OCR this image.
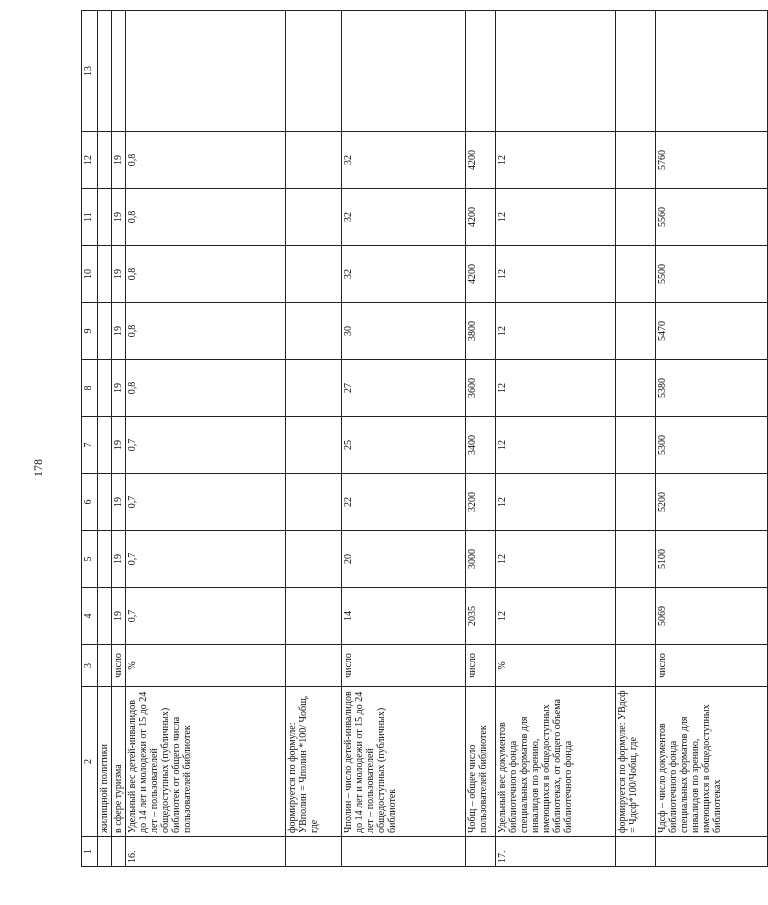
178
1	2	3	4	5	6	7	8	9	10	11	12	13
	жилищной политики											
	в сфере туризма	число	19	19	19	19	19	19	19	19	19	
16.	Удельный вес детей-инвалидов до 14 лет и молодежи от 15 до 24 лет – пользователей общедоступных (публичных) библиотек от общего числа пользователей библиотек	%	0,7	0,7	0,7	0,7	0,8	0,8	0,8	0,8	0,8	
	формируется по формуле: УВполин = Чполин *100/ Чобщ, где											
	Чполин – число детей-инвалидов до 14 лет и молодежи от 15 до 24 лет – пользователей общедоступных (публичных) библиотек	число	14	20	22	25	27	30	32	32	32	
	Чобщ – общее число пользователей библиотек	число	2035	3000	3200	3400	3600	3800	4200	4200	4200	
17.	Удельный вес документов библиотечного фонда специальных форматов для инвалидов по зрению, имеющихся в общедоступных библиотеках, от общего объема библиотечного фонда	%	12	12	12	12	12	12	12	12	12	
	формируется по формуле: УВдсф = Чдсф*100/Чобщ, где											
	Чдсф – число документов библиотечного фонда специальных форматов для инвалидов по зрению, имеющихся в общедоступных библиотеках	число	5069	5100	5200	5300	5380	5470	5500	5560	5760	
